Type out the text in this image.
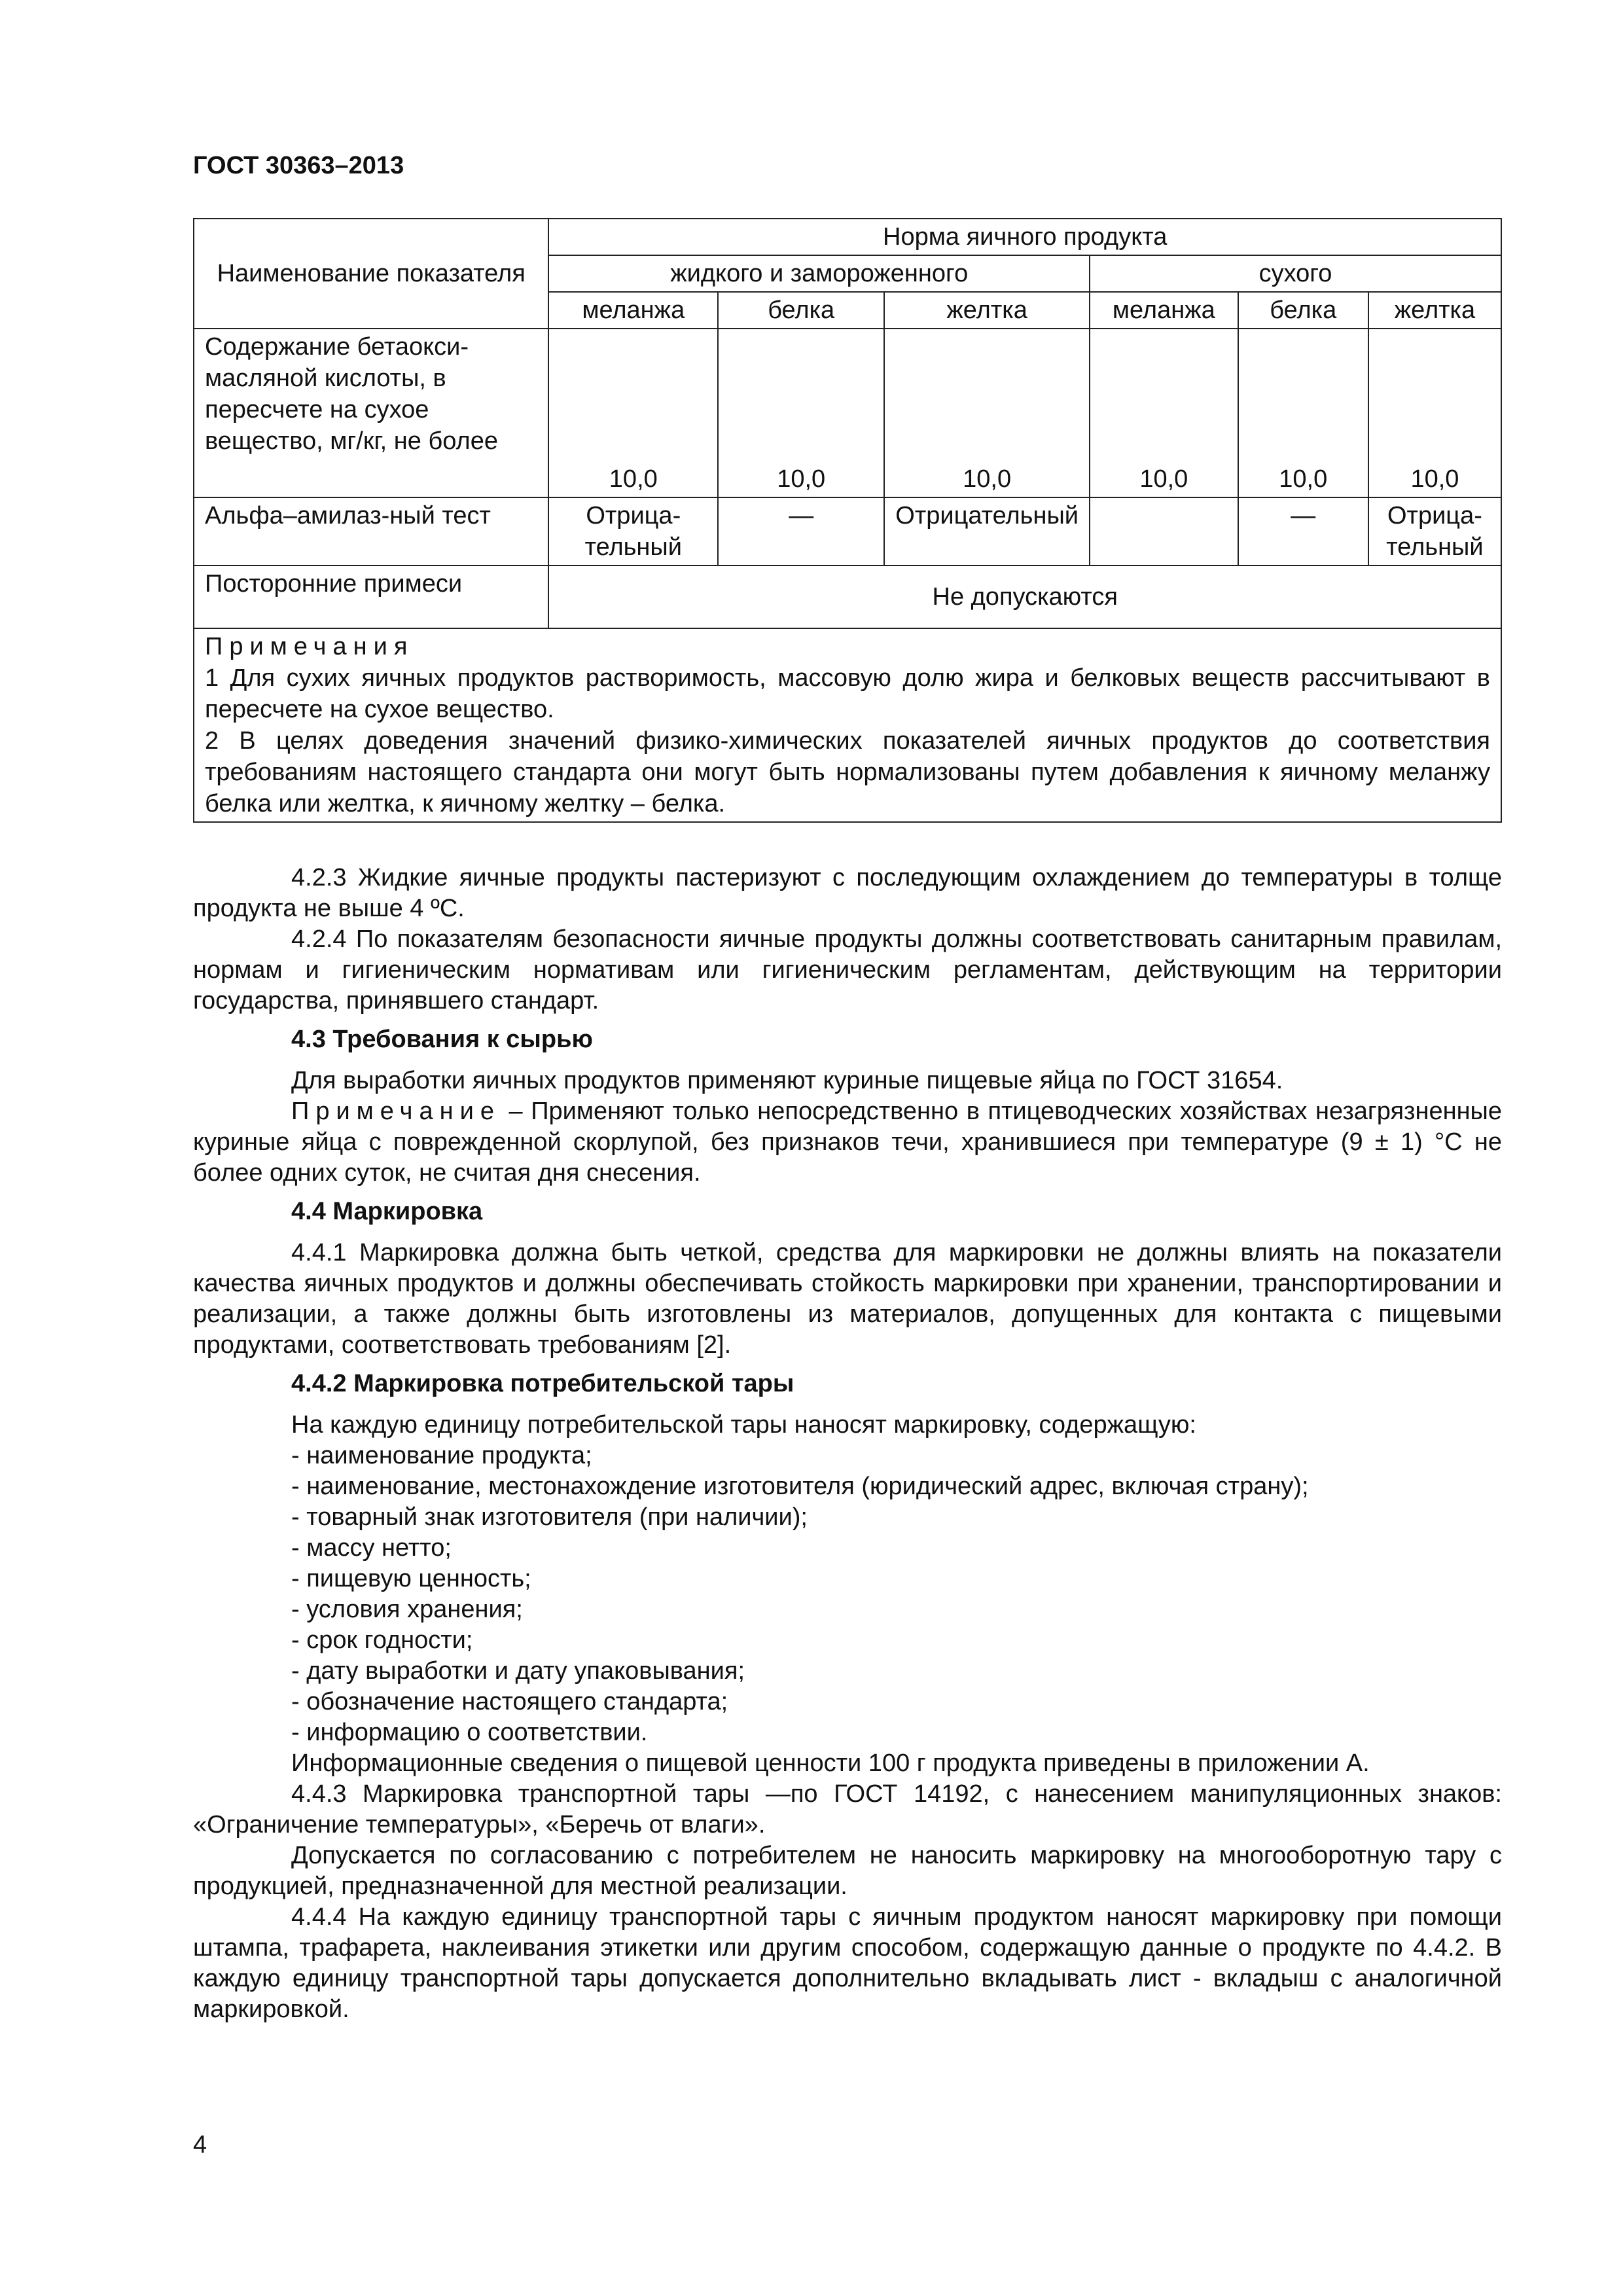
ГОСТ 30363–2013
Наименование показателя	Норма яичного продукта					
	жидкого и замороженного			сухого		
	меланжа	белка	желтка	меланжа	белка	желтка
Содержание бетаокси-масляной кислоты, в пересчете на сухое вещество, мг/кг, не более	10,0	10,0	10,0	10,0	10,0	10,0
Альфа–амилаз-ный тест	Отрица-тельный	—	Отрицательный		—	Отрица-тельный
Посторонние примеси	Не допускаются					

Примечания
1 Для сухих яичных продуктов растворимость, массовую долю жира и белковых веществ рассчитывают в пересчете на сухое вещество.
2 В целях доведения значений физико-химических показателей яичных продуктов до соответствия требованиям настоящего стандарта они могут быть нормализованы путем добавления к яичному меланжу белка или желтка, к яичному желтку – белка.						

4.2.3 Жидкие яичные продукты пастеризуют с последующим охлаждением до температуры в толще продукта не выше 4 ºС.

4.2.4 По показателям безопасности яичные продукты должны соответствовать санитарным правилам, нормам и гигиеническим нормативам или гигиеническим регламентам, действующим на территории государства, принявшего стандарт.

4.3 Требования к сырью

Для выработки яичных продуктов применяют куриные пищевые яйца по ГОСТ 31654.

Примечание – Применяют только непосредственно в птицеводческих хозяйствах незагрязненные куриные яйца с поврежденной скорлупой, без признаков течи, хранившиеся при температуре (9 ± 1) °С не более одних суток, не считая дня снесения.

4.4 Маркировка

4.4.1 Маркировка должна быть четкой, средства для маркировки не должны влиять на показатели качества яичных продуктов и должны обеспечивать стойкость маркировки при хранении, транспортировании и реализации, а также должны быть изготовлены из материалов, допущенных для контакта с пищевыми продуктами, соответствовать требованиям [2].

4.4.2 Маркировка потребительской тары

На каждую единицу потребительской тары наносят маркировку, содержащую:

- наименование продукта;

- наименование, местонахождение изготовителя (юридический адрес, включая страну);

- товарный знак изготовителя (при наличии);

- массу нетто;

- пищевую ценность;

- условия хранения;

- срок годности;

- дату выработки и дату упаковывания;

- обозначение настоящего стандарта;

- информацию о соответствии.

Информационные сведения о пищевой ценности 100 г продукта приведены в приложении А.

4.4.3 Маркировка транспортной тары —по ГОСТ 14192, с нанесением манипуляционных знаков: «Ограничение температуры», «Беречь от влаги».

Допускается по согласованию с потребителем не наносить маркировку на многооборотную тару с продукцией, предназначенной для местной реализации.

4.4.4 На каждую единицу транспортной тары с яичным продуктом наносят маркировку при помощи штампа, трафарета, наклеивания этикетки или другим способом, содержащую данные о продукте по 4.4.2. В каждую единицу транспортной тары допускается дополнительно вкладывать лист - вкладыш с аналогичной маркировкой.

4
